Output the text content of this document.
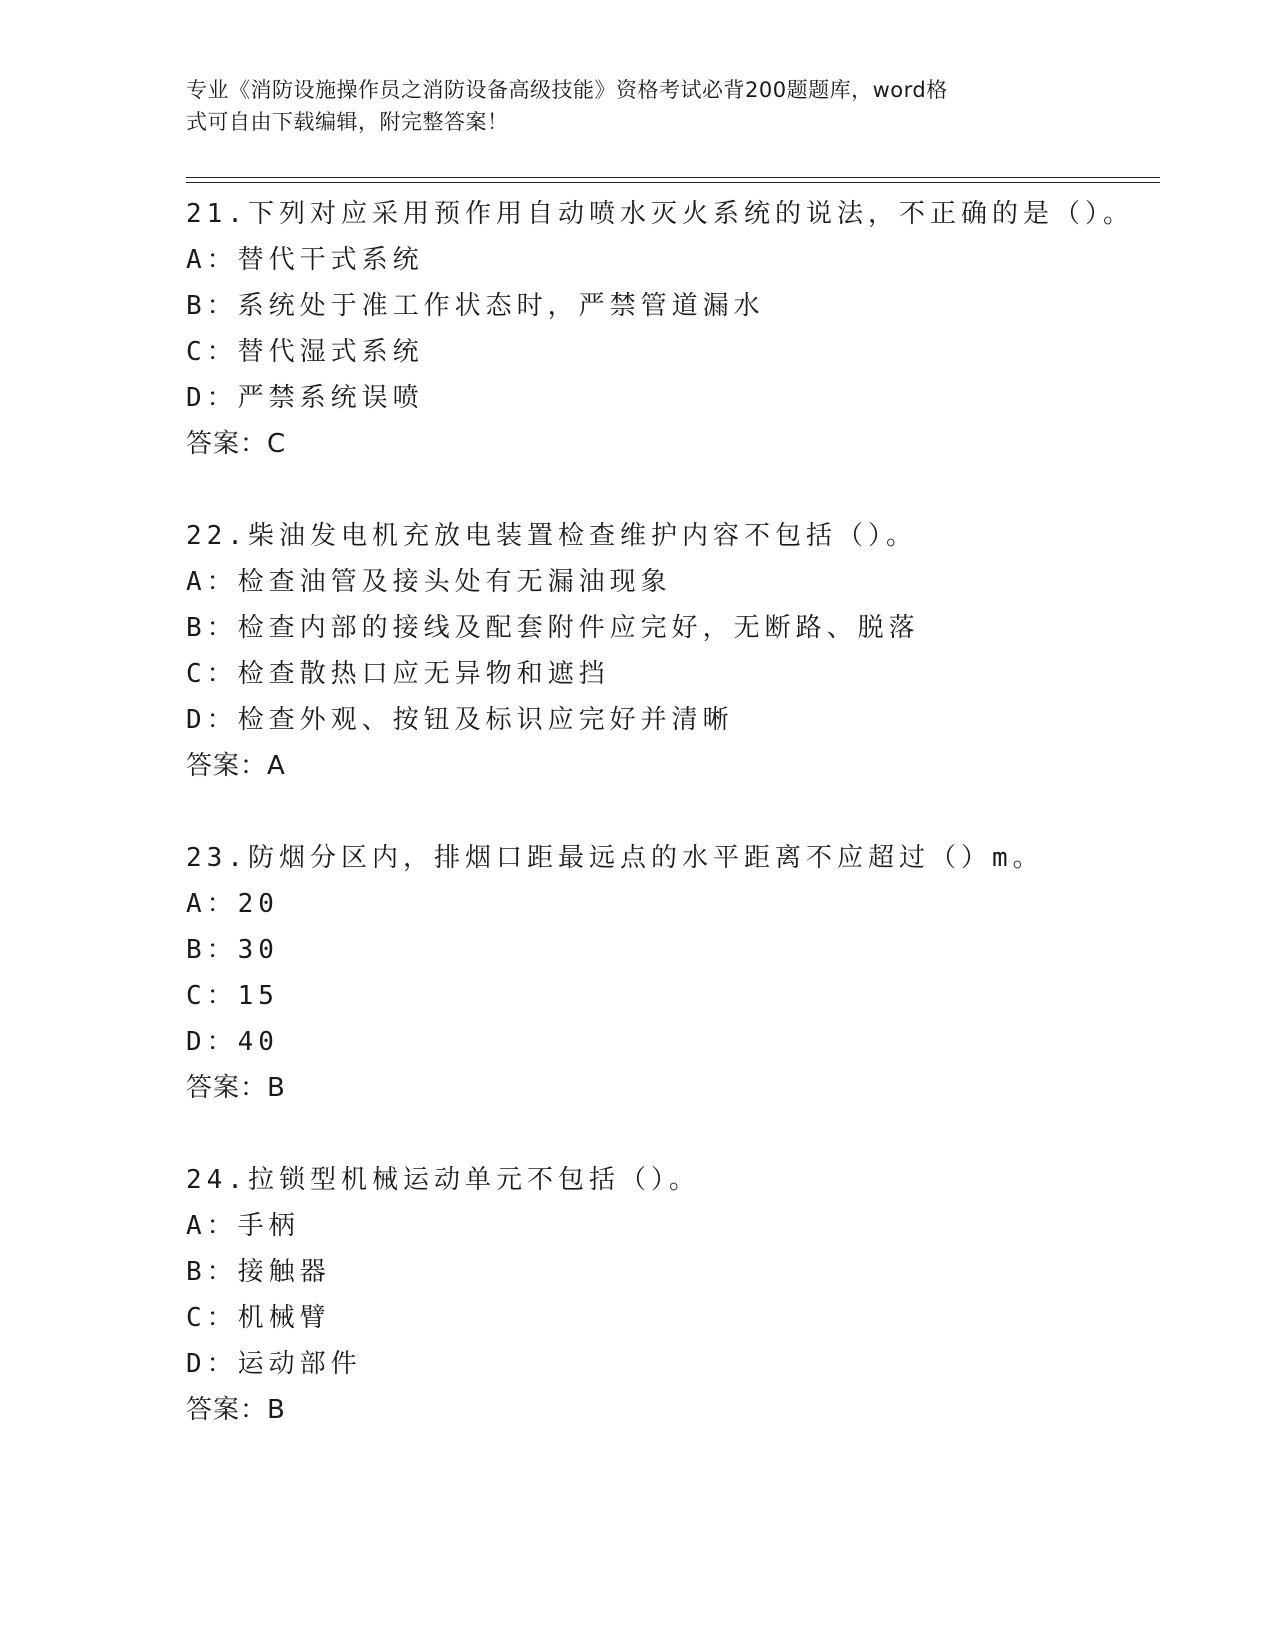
专业《消防设施操作员之消防设备高级技能》资格考试必背200题题库，word格
式可自由下载编辑，附完整答案！
21.下列对应采用预作用自动喷水灭火系统的说法，不正确的是（）。
A：替代干式系统
B：系统处于准工作状态时，严禁管道漏水
C：替代湿式系统
D：严禁系统误喷
答案：C
22.柴油发电机充放电装置检查维护内容不包括（）。
A：检查油管及接头处有无漏油现象
B：检查内部的接线及配套附件应完好，无断路、脱落
C：检查散热口应无异物和遮挡
D：检查外观、按钮及标识应完好并清晰
答案：A
23.防烟分区内，排烟口距最远点的水平距离不应超过（）m。
A：20
B：30
C：15
D：40
答案：B
24.拉锁型机械运动单元不包括（）。
A：手柄
B：接触器
C：机械臂
D：运动部件
答案：B
